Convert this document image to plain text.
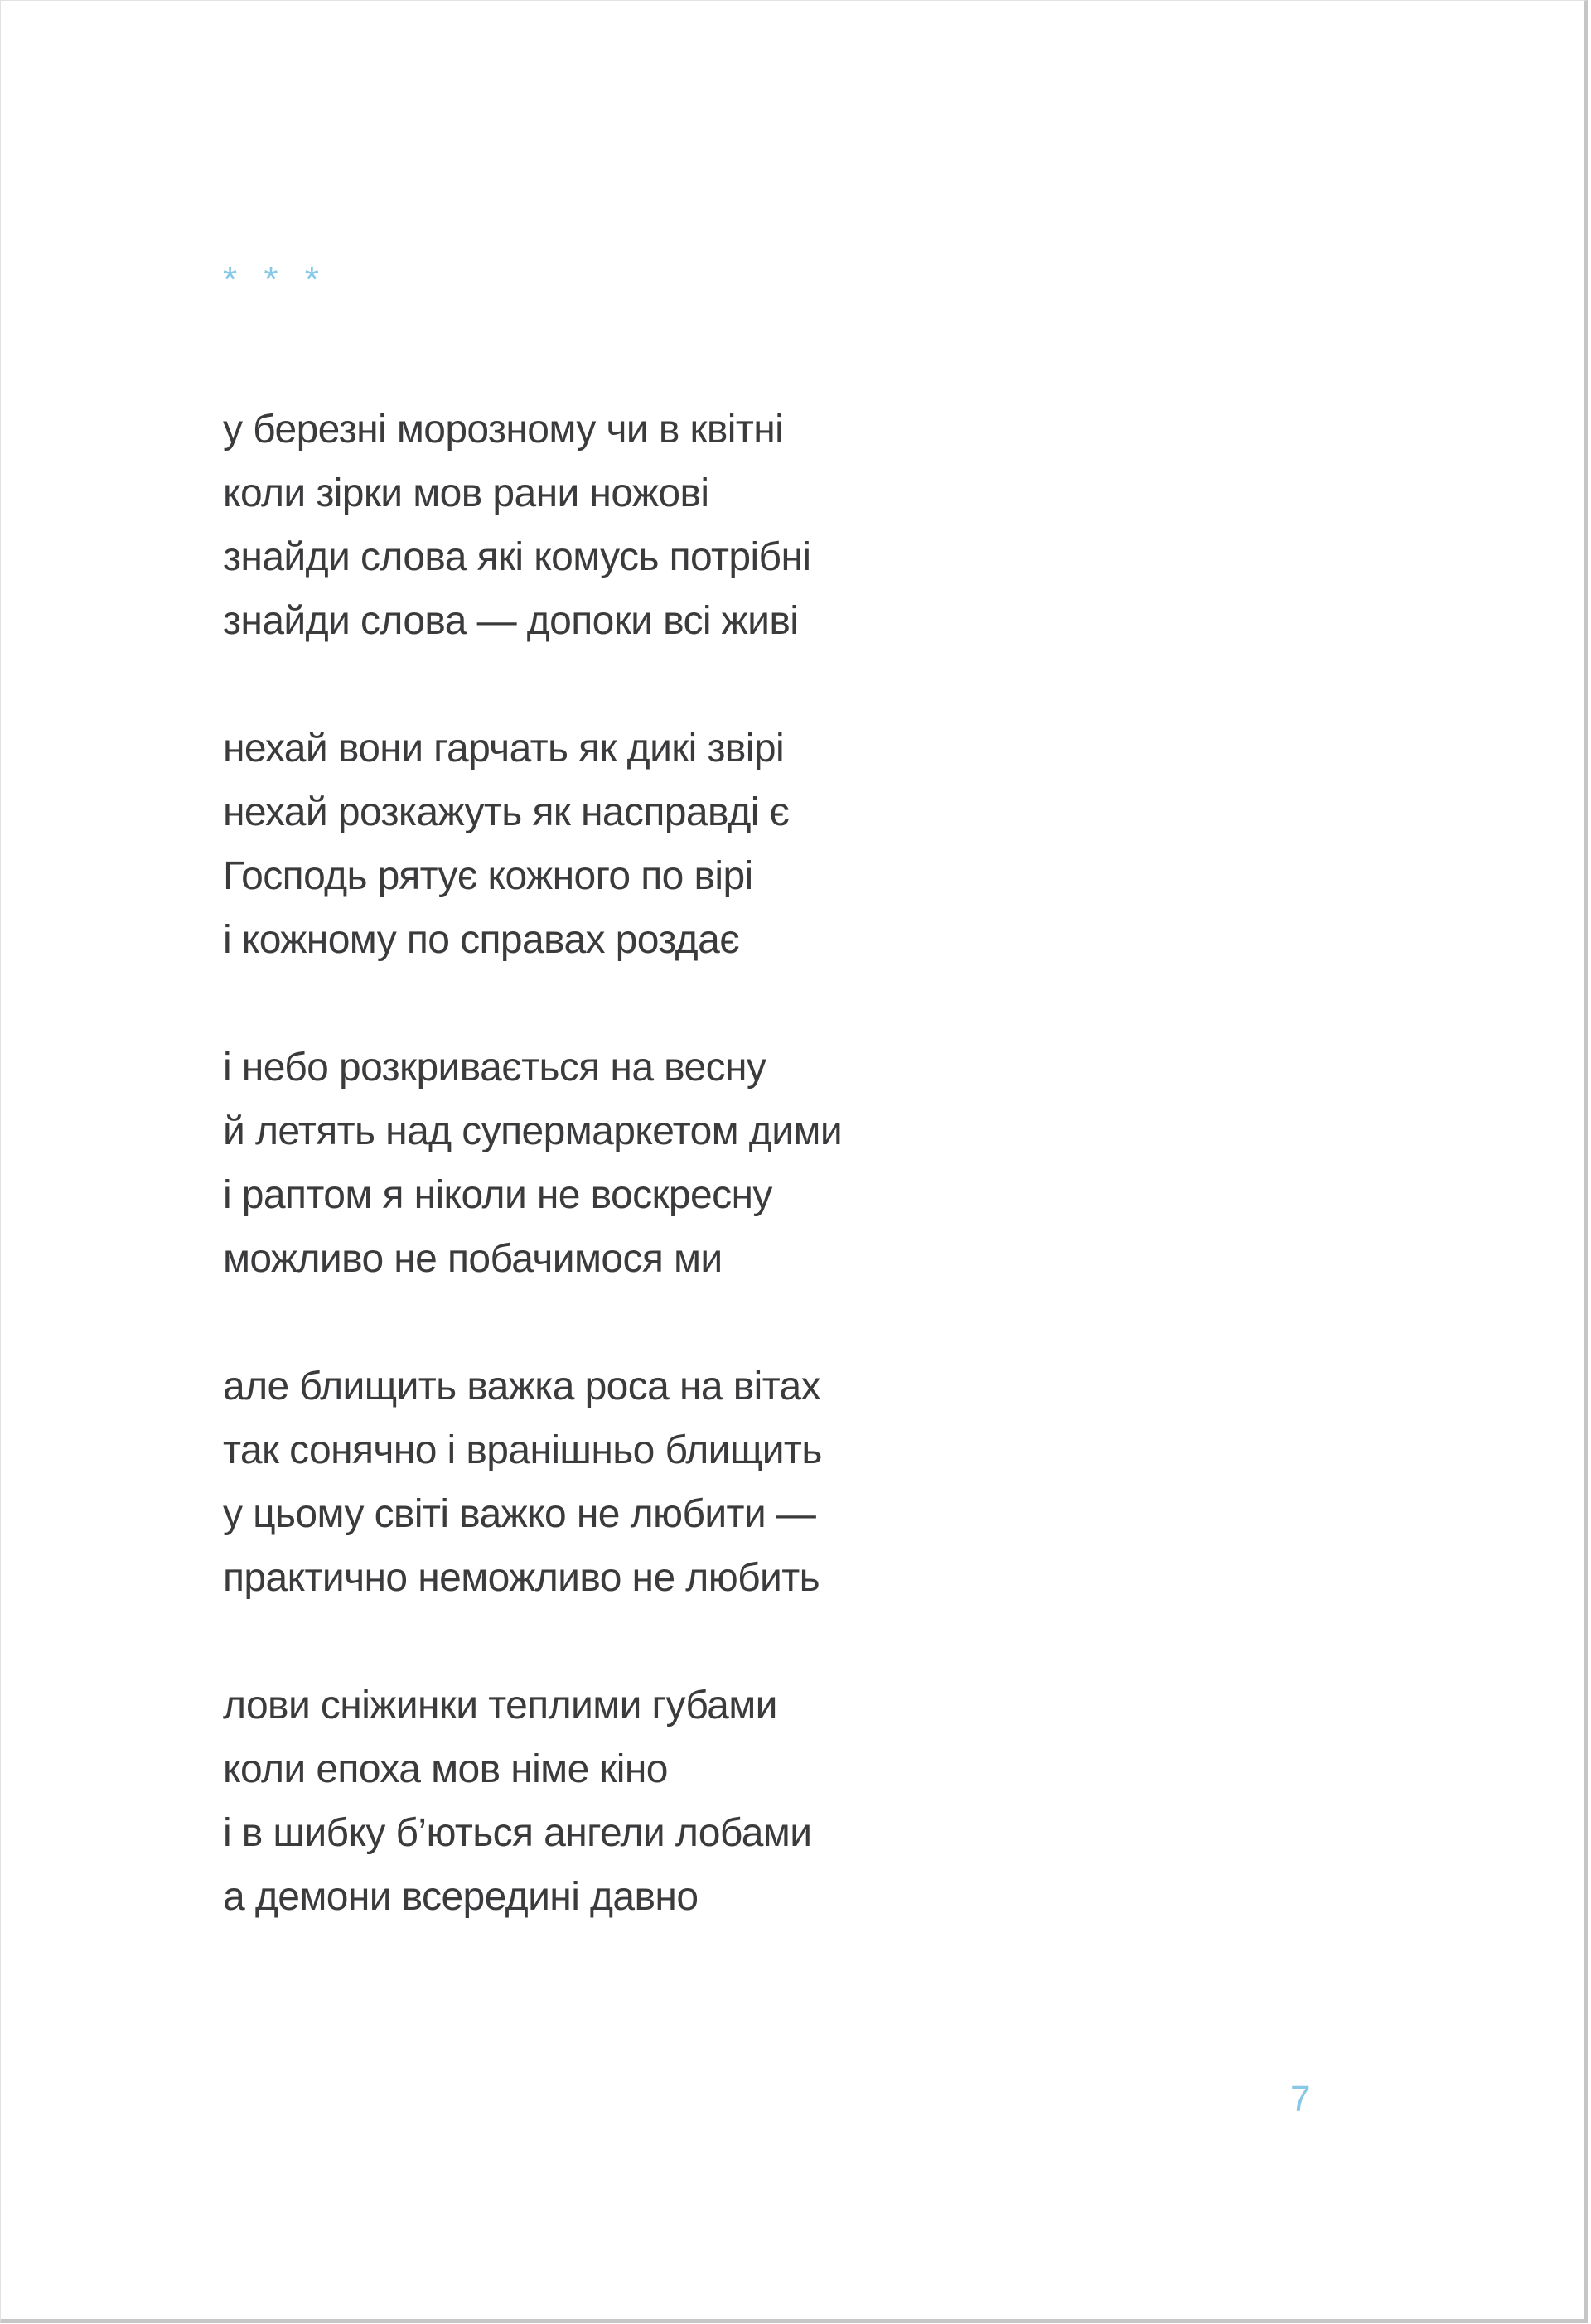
* * *
у березні морозному чи в квітні
коли зірки мов рани ножові
знайди слова які комусь потрібні
знайди слова — допоки всі живі
нехай вони гарчать як дикі звірі
нехай розкажуть як насправді є
Господь рятує кожного по вірі
і кожному по справах роздає
і небо розкривається на весну
й летять над супермаркетом дими
і раптом я ніколи не воскресну
можливо не побачимося ми
але блищить важка роса на вітах
так сонячно і вранішньо блищить
у цьому світі важко не любити —
практично неможливо не любить
лови сніжинки теплими губами
коли епоха мов німе кіно
і в шибку б’ються ангели лобами
а демони всередині давно
7
